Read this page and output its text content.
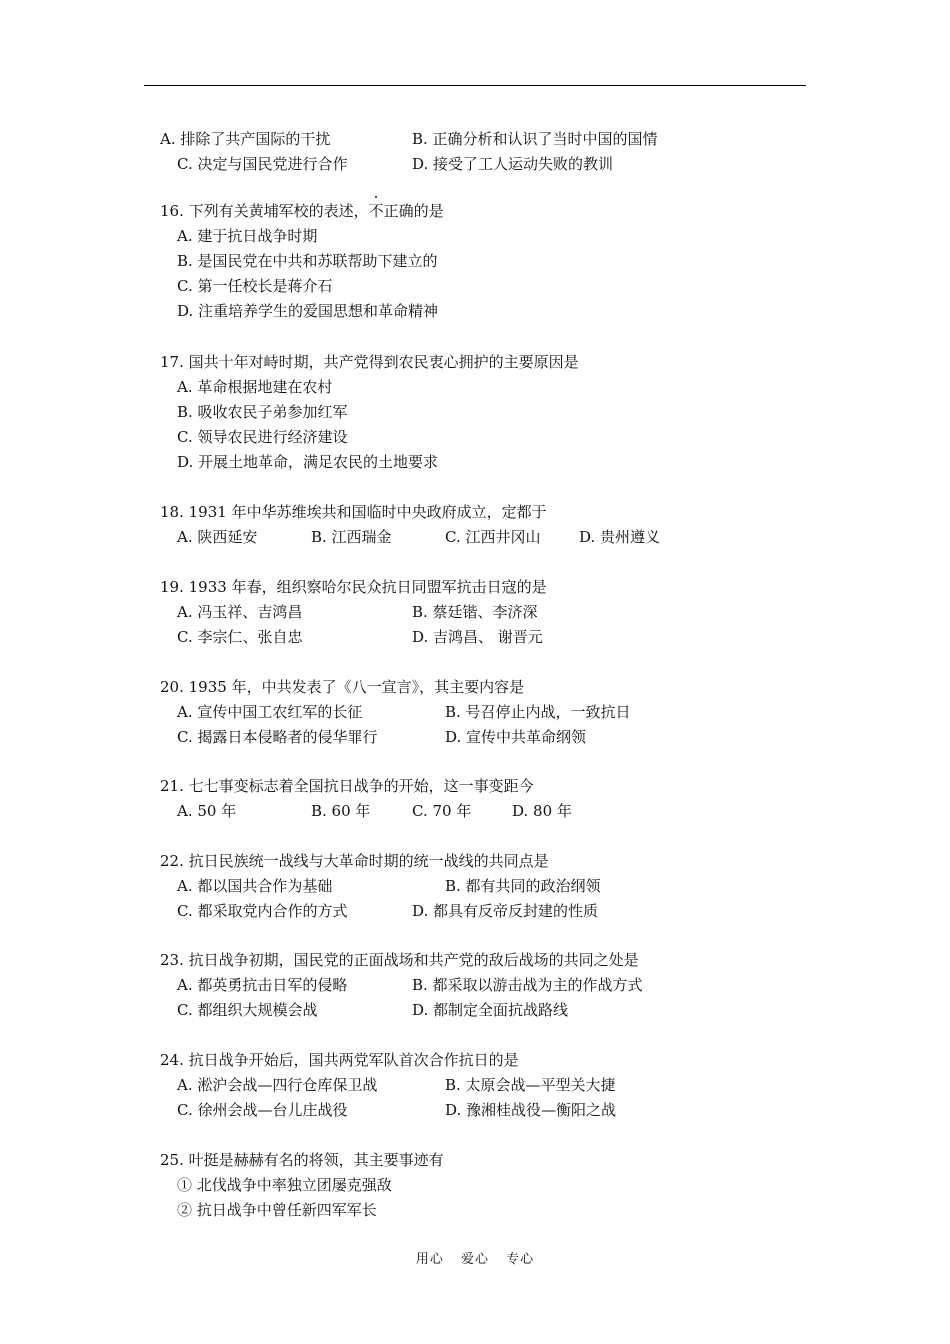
A. 排除了共产国际的干扰	B. 正确分析和认识了当时中国的国情
C. 决定与国民党进行合作	D. 接受了工人运动失败的教训
16. 下列有关黄埔军校的表述，不正确的是
A. 建于抗日战争时期
B. 是国民党在中共和苏联帮助下建立的
C. 第一任校长是蒋介石
D. 注重培养学生的爱国思想和革命精神
17. 国共十年对峙时期，共产党得到农民衷心拥护的主要原因是
A. 革命根据地建在农村
B. 吸收农民子弟参加红军
C. 领导农民进行经济建设
D. 开展土地革命，满足农民的土地要求
18. 1931 年中华苏维埃共和国临时中央政府成立，定都于
A. 陕西延安	B. 江西瑞金	C. 江西井冈山	D. 贵州遵义
19. 1933 年春，组织察哈尔民众抗日同盟军抗击日寇的是
A. 冯玉祥、吉鸿昌	B. 蔡廷锴、李济深
C. 李宗仁、张自忠	D. 吉鸿昌、 谢晋元
20. 1935 年，中共发表了《八一宣言》，其主要内容是
A. 宣传中国工农红军的长征	B. 号召停止内战，一致抗日
C. 揭露日本侵略者的侵华罪行	D. 宣传中共革命纲领
21. 七七事变标志着全国抗日战争的开始，这一事变距今
A. 50 年	B. 60 年	C. 70 年	D. 80 年
22. 抗日民族统一战线与大革命时期的统一战线的共同点是
A. 都以国共合作为基础	B. 都有共同的政治纲领
C. 都采取党内合作的方式	D. 都具有反帝反封建的性质
23. 抗日战争初期，国民党的正面战场和共产党的敌后战场的共同之处是
A. 都英勇抗击日军的侵略	B. 都采取以游击战为主的作战方式
C. 都组织大规模会战	D. 都制定全面抗战路线
24. 抗日战争开始后，国共两党军队首次合作抗日的是
A. 淞沪会战—四行仓库保卫战	B. 太原会战—平型关大捷
C. 徐州会战—台儿庄战役	D. 豫湘桂战役—衡阳之战
25. 叶挺是赫赫有名的将领，其主要事迹有
① 北伐战争中率独立团屡克强敌
② 抗日战争中曾任新四军军长
用心 爱心 专心
